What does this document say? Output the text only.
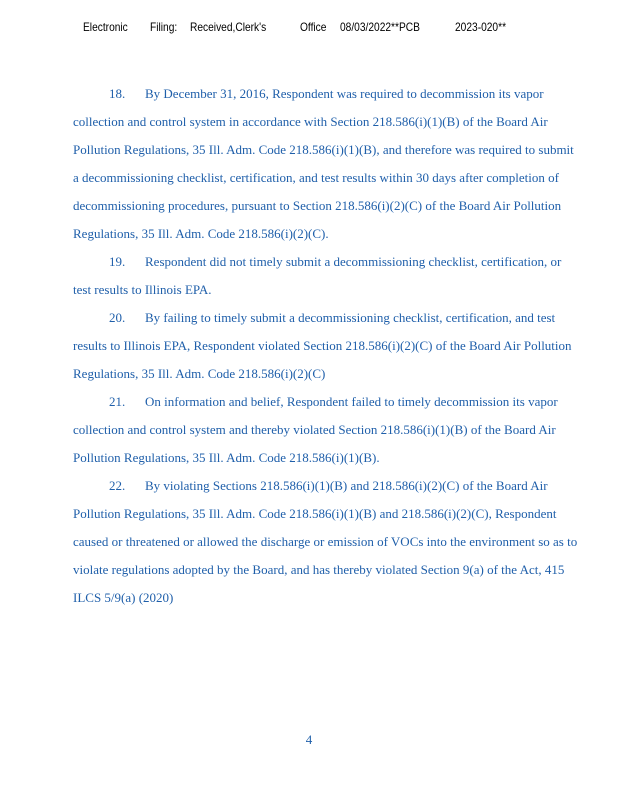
Electronic Filing: Received,Clerk's	Office 08/03/2022**PCB	2023-020**
18. By December 31, 2016, Respondent was required to decommission its vapor
collection and control system in accordance with Section 218.586(i)(1)(B) of the Board Air
Pollution Regulations, 35 Ill. Adm. Code 218.586(i)(1)(B), and therefore was required to submit
a decommissioning checklist, certification, and test results within 30 days after completion of
decommissioning procedures, pursuant to Section 218.586(i)(2)(C) of the Board Air Pollution
Regulations, 35 Ill. Adm. Code 218.586(i)(2)(C).
19. Respondent did not timely submit a decommissioning checklist, certification, or
test results to Illinois EPA.
20. By failing to timely submit a decommissioning checklist, certification, and test
results to Illinois EPA, Respondent violated Section 218.586(i)(2)(C) of the Board Air Pollution
Regulations, 35 Ill. Adm. Code 218.586(i)(2)(C)
21. On information and belief, Respondent failed to timely decommission its vapor
collection and control system and thereby violated Section 218.586(i)(1)(B) of the Board Air
Pollution Regulations, 35 Ill. Adm. Code 218.586(i)(1)(B).
22. By violating Sections 218.586(i)(1)(B) and 218.586(i)(2)(C) of the Board Air
Pollution Regulations, 35 Ill. Adm. Code 218.586(i)(1)(B) and 218.586(i)(2)(C), Respondent
caused or threatened or allowed the discharge or emission of VOCs into the environment so as to
violate regulations adopted by the Board, and has thereby violated Section 9(a) of the Act, 415
ILCS 5/9(a) (2020)
4
